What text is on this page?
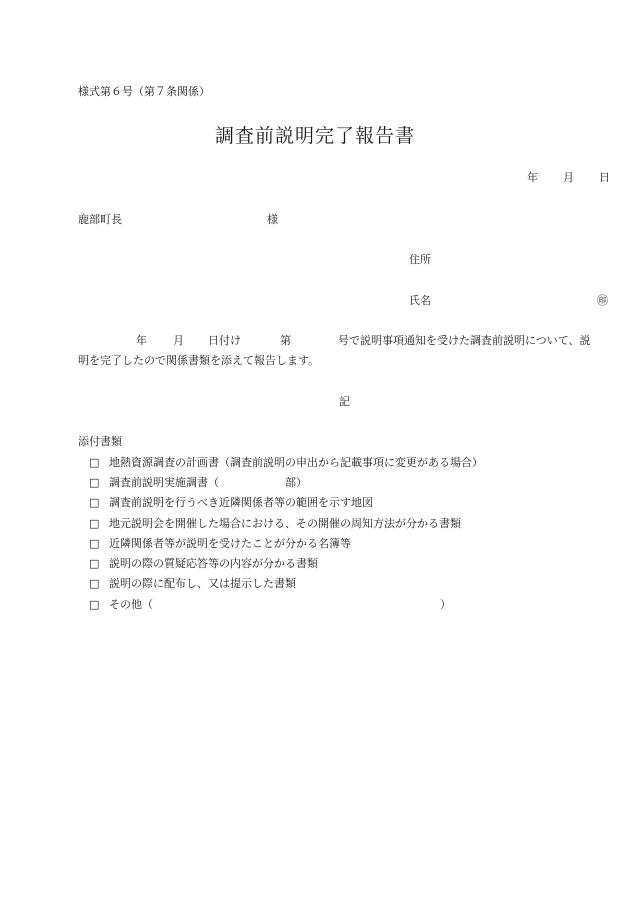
様式第６号（第７条関係）
調査前説明完了報告書
年 月 日
鹿部町長	様
住所
氏名	㊞
年 月 日付け	第	号で説明事項通知を受けた調査前説明について、説
明を完了したので関係書類を添えて報告します。
記
添付書類
□ 地熱資源調査の計画書（調査前説明の申出から記載事項に変更がある場合）
□ 調査前説明実施調書（　　　　　　部）
□ 調査前説明を行うべき近隣関係者等の範囲を示す地図
□ 地元説明会を開催した場合における、その開催の周知方法が分かる書類
□ 近隣関係者等が説明を受けたことが分かる名簿等
□ 説明の際の質疑応答等の内容が分かる書類
□ 説明の際に配布し、又は提示した書類
□ その他（	）
